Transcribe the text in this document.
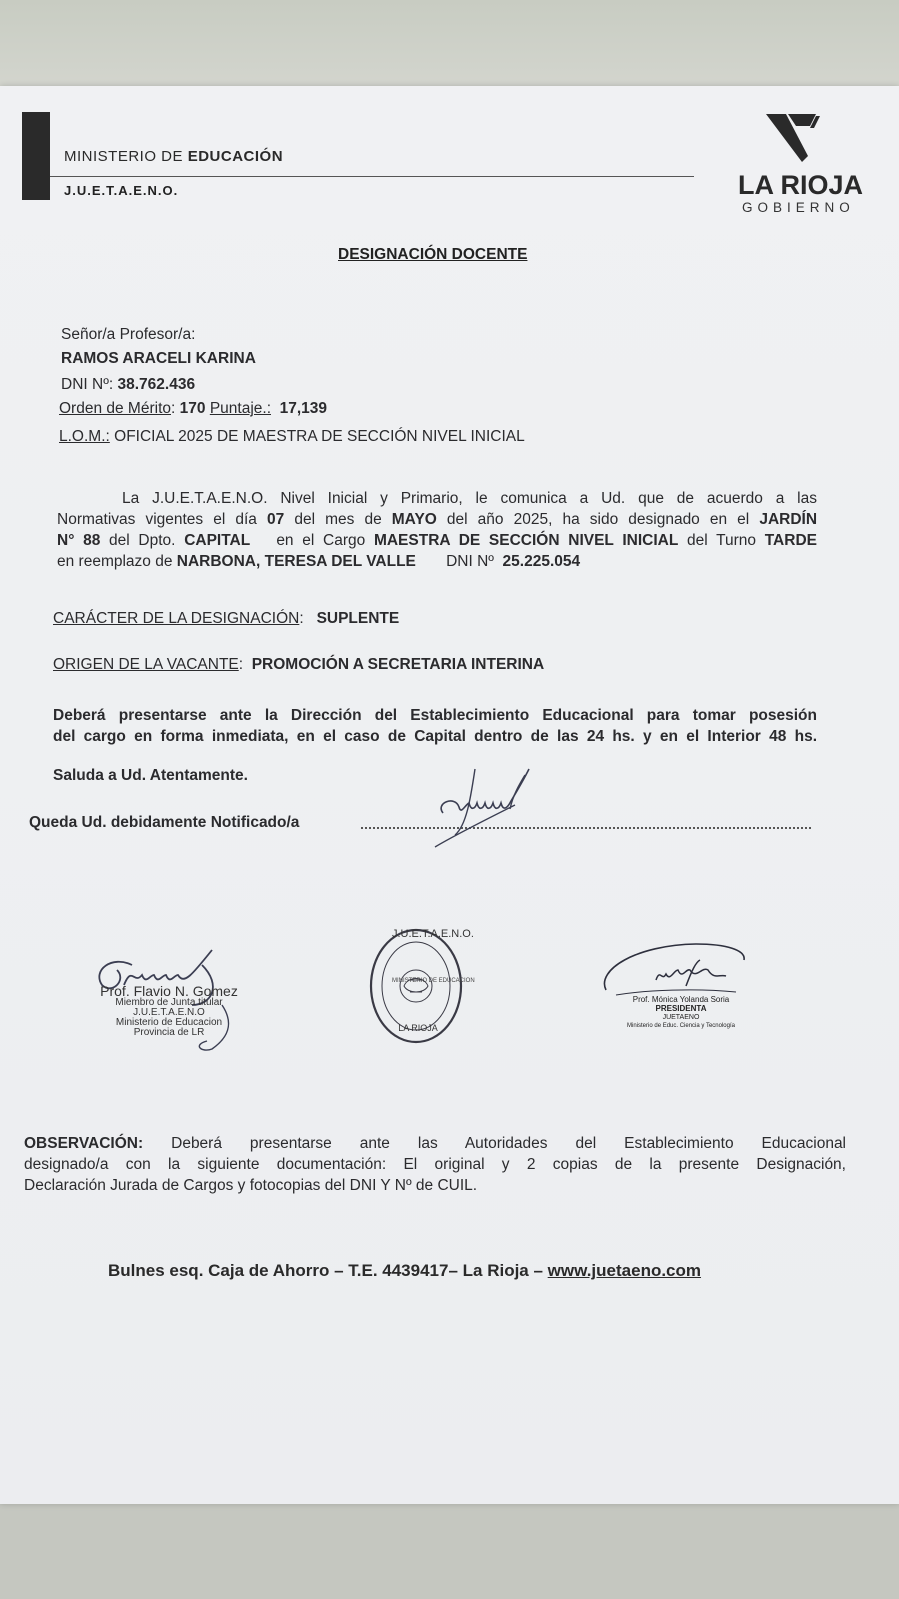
MINISTERIO DE EDUCACIÓN
J.U.E.T.A.E.N.O.	LA RIOJA
GOBIERNO
DESIGNACIÓN DOCENTE
Señor/a Profesor/a:
RAMOS ARACELI KARINA
DNI Nº: 38.762.436
Orden de Mérito: 170 Puntaje.: 17,139
L.O.M.: OFICIAL 2025 DE MAESTRA DE SECCIÓN NIVEL INICIAL
La J.U.E.T.A.E.N.O. Nivel Inicial y Primario, le comunica a Ud. que de acuerdo a las
Normativas vigentes el día 07 del mes de MAYO del año 2025, ha sido designado en el JARDÍN
N° 88 del Dpto. CAPITAL en el Cargo MAESTRA DE SECCIÓN NIVEL INICIAL del Turno TARDE
en reemplazo de NARBONA, TERESA DEL VALLE DNI Nº 25.225.054
CARÁCTER DE LA DESIGNACIÓN: SUPLENTE
ORIGEN DE LA VACANTE: PROMOCIÓN A SECRETARIA INTERINA
Deberá presentarse ante la Dirección del Establecimiento Educacional para tomar posesión
del cargo en forma inmediata, en el caso de Capital dentro de las 24 hs. y en el Interior 48 hs.
Saluda a Ud. Atentamente.
Queda Ud. debidamente Notificado/a
Prof. Flavio N. Gomez
Miembro de Junta titular
J.U.E.T.A.E.N.O
Ministerio de Educacion
Provincia de LR
J.U.E.T.A.E.N.O.
MINISTERIO DE EDUCACION
LA RIOJA
Prof. Mónica Yolanda Soria
PRESIDENTA
JUETAENO
Ministerio de Educ. Ciencia y Tecnología
OBSERVACIÓN: Deberá presentarse ante las Autoridades del Establecimiento Educacional
designado/a con la siguiente documentación: El original y 2 copias de la presente Designación,
Declaración Jurada de Cargos y fotocopias del DNI Y Nº de CUIL.
Bulnes esq. Caja de Ahorro – T.E. 4439417– La Rioja – www.juetaeno.com
